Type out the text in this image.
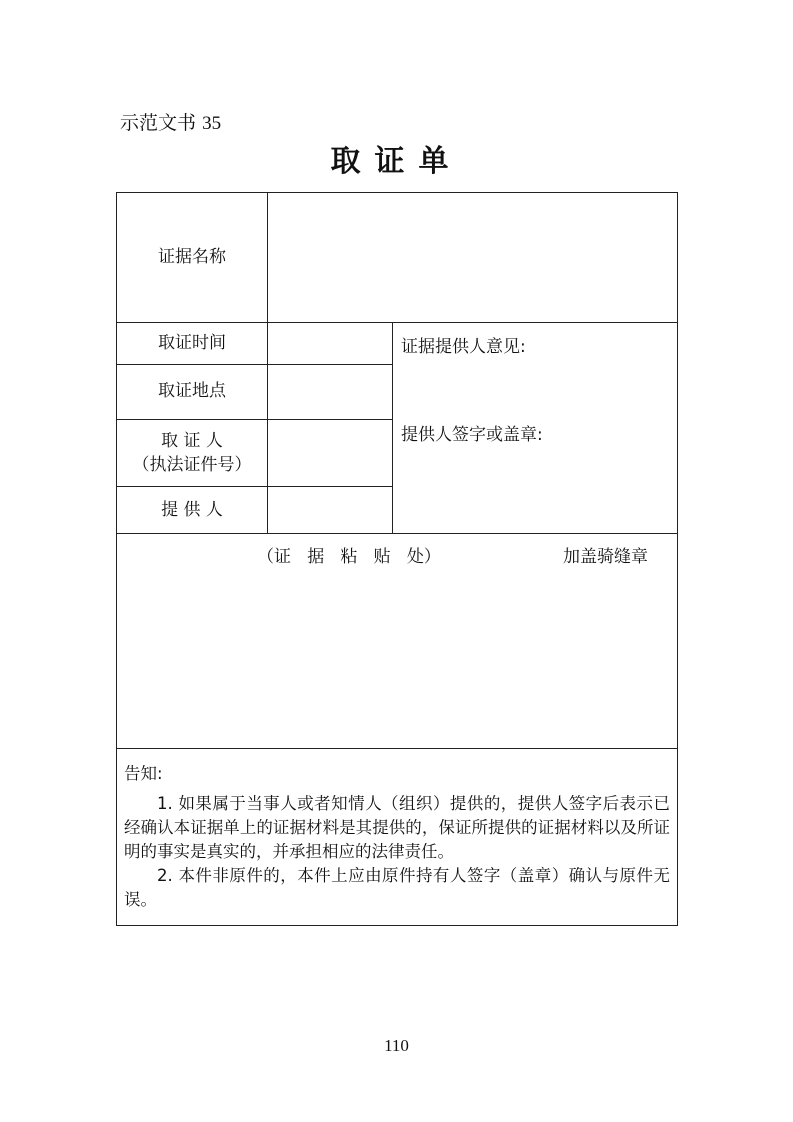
示范文书 35
取证单
证据名称
取证时间
取证地点
取 证 人
（执法证件号）
提 供 人
证据提供人意见:
提供人签字或盖章:
（证   据   粘   贴   处）	加盖骑缝章

告知:

1. 如果属于当事人或者知情人（组织）提供的，提供人签字后表示已经确认本证据单上的证据材料是其提供的，保证所提供的证据材料以及所证明的事实是真实的，并承担相应的法律责任。

2. 本件非原件的，本件上应由原件持有人签字（盖章）确认与原件无误。

110
